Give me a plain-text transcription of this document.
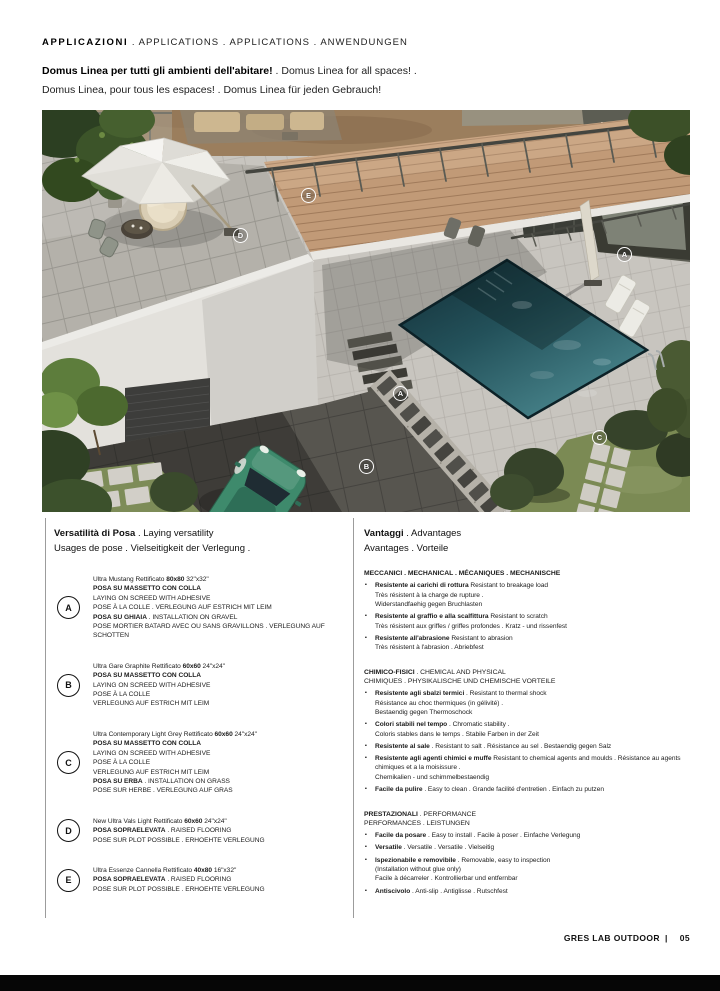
APPLICAZIONI . APPLICATIONS . APPLICATIONS . ANWENDUNGEN
Domus Linea per tutti gli ambienti dell'abitare! . Domus Linea for all spaces! .
Domus Linea, pour tous les espaces! . Domus Linea für jeden Gebrauch!
E
D
A
A
C
B
Versatilità di Posa . Laying versatility
Usages de pose . Vielseitigkeit der Verlegung .
A
Ultra Mustang Rettificato 80x80 32"x32"
POSA SU MASSETTO CON COLLA
LAYING ON SCREED WITH ADHESIVE
POSE À LA COLLE . VERLEGUNG AUF ESTRICH MIT LEIM
POSA SU GHIAIA . INSTALLATION ON GRAVEL
POSE MORTIER BATARD AVEC OU SANS GRAVILLONS . VERLEGUNG AUF SCHOTTEN
B
Ultra Gare Graphite Rettificato 60x60 24"x24"
POSA SU MASSETTO CON COLLA
LAYING ON SCREED WITH ADHESIVE
POSE À LA COLLE
VERLEGUNG AUF ESTRICH MIT LEIM
C
Ultra Contemporary Light Grey Rettificato 60x60 24"x24"
POSA SU MASSETTO CON COLLA
LAYING ON SCREED WITH ADHESIVE
POSE À LA COLLE
VERLEGUNG AUF ESTRICH MIT LEIM
POSA SU ERBA . INSTALLATION ON GRASS
POSE SUR HERBE . VERLEGUNG AUF GRAS
D
New Ultra Vals Light Rettificato 60x60 24"x24"
POSA SOPRAELEVATA . RAISED FLOORING
POSE SUR PLOT POSSIBLE . ERHOEHTE VERLEGUNG
E
Ultra Essenze Cannella Rettificato 40x80 16"x32"
POSA SOPRAELEVATA . RAISED FLOORING
POSE SUR PLOT POSSIBLE . ERHOEHTE VERLEGUNG
Vantaggi . Advantages
Avantages . Vorteile
MECCANICI . MECHANICAL . MÉCANIQUES . MECHANISCHE
▪ Resistente ai carichi di rottura Resistant to breakage load
Très résistent à la charge de rupture .
Widerstandfaehig gegen Bruchlasten
▪ Resistente al graffio e alla scalfittura Resistant to scratch
Très résistent aux griffes / griffes profondes . Kratz - und rissenfest
▪ Resistente all'abrasione Resistant to abrasion
Très résistent à l'abrasion . Abriebfest
CHIMICO-FISICI . CHEMICAL AND PHYSICAL
CHIMIQUES . PHYSIKALISCHE UND CHEMISCHE VORTEILE
▪ Resistente agli sbalzi termici . Resistant to thermal shock
Résistance au choc thermiques (in gélivité) .
Bestaendig gegen Thermoschock
▪ Colori stabili nel tempo . Chromatic stability .
Coloris stables dans le temps . Stabile Farben in der Zeit
▪ Resistente al sale . Resistant to salt . Résistance au sel . Bestaendig gegen Salz
▪ Resistente agli agenti chimici e muffe Resistant to chemical agents and moulds . Résistance au agents
chimiques et a la moisissure .
Chemikalien - und schimmelbestaendig
▪ Facile da pulire . Easy to clean . Grande facilité d'entretien . Einfach zu putzen
PRESTAZIONALI . PERFORMANCE
PERFORMANCES . LEISTUNGEN
▪ Facile da posare . Easy to install . Facile à poser . Einfache Verlegung
▪ Versatile . Versatile . Versatile . Vielseitig
▪ Ispezionabile e removibile . Removable, easy to inspection
(Installation without glue only)
Facile à décarreler . Kontrollierbar und entfernbar
▪ Antiscivolo . Anti-slip . Antiglisse . Rutschfest
GRES LAB OUTDOOR | 05
